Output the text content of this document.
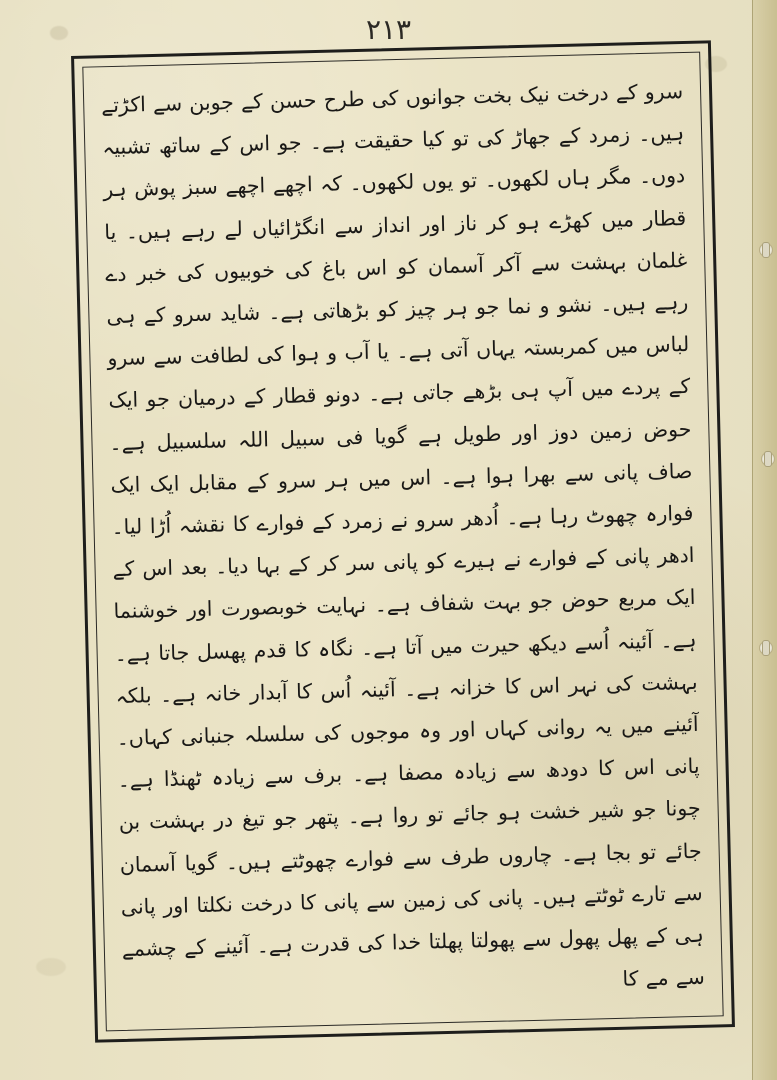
۲۱۳
سرو کے درخت نیک بخت جوانوں کی طرح حسن کے جوبن سے اکڑتے ہیں۔ زمرد کے جھاڑ کی تو کیا حقیقت ہے۔ جو اس کے ساتھ تشبیہ دوں۔ مگر ہاں لکھوں۔ تو یوں لکھوں۔ کہ اچھے اچھے سبز پوش ہر قطار میں کھڑے ہو کر ناز اور انداز سے انگڑائیاں لے رہے ہیں۔ یا غلمان بہشت سے آکر آسمان کو اس باغ کی خوبیوں کی خبر دے رہے ہیں۔ نشو و نما جو ہر چیز کو بڑھاتی ہے۔ شاید سرو کے ہی لباس میں کمربستہ یہاں آتی ہے۔ یا آب و ہوا کی لطافت سے سرو کے پردے میں آپ ہی بڑھے جاتی ہے۔ دونو قطار کے درمیان جو ایک حوض زمین دوز اور طویل ہے گویا فی سبیل اللہ سلسبیل ہے۔ صاف پانی سے بھرا ہوا ہے۔ اس میں ہر سرو کے مقابل ایک ایک فوارہ چھوٹ رہا ہے۔ اُدھر سرو نے زمرد کے فوارے کا نقشہ اُڑا لیا۔ ادھر پانی کے فوارے نے ہیرے کو پانی سر کر کے بہا دیا۔ بعد اس کے ایک مربع حوض جو بہت شفاف ہے۔ نہایت خوبصورت اور خوشنما ہے۔ آئینہ اُسے دیکھ حیرت میں آتا ہے۔ نگاہ کا قدم پھسل جاتا ہے۔ بہشت کی نہر اس کا خزانہ ہے۔ آئینہ اُس کا آبدار خانہ ہے۔ بلکہ آئینے میں یہ روانی کہاں اور وہ موجوں کی سلسلہ جنبانی کہاں۔ پانی اس کا دودھ سے زیادہ مصفا ہے۔ برف سے زیادہ ٹھنڈا ہے۔ چونا جو شیر خشت ہو جائے تو روا ہے۔ پتھر جو تیغ در بہشت بن جائے تو بجا ہے۔ چاروں طرف سے فوارے چھوٹتے ہیں۔ گویا آسمان سے تارے ٹوٹتے ہیں۔ پانی کی زمین سے پانی کا درخت نکلتا اور پانی ہی کے پھل پھول سے پھولتا پھلتا خدا کی قدرت ہے۔ آئینے کے چشمے سے مے کا
